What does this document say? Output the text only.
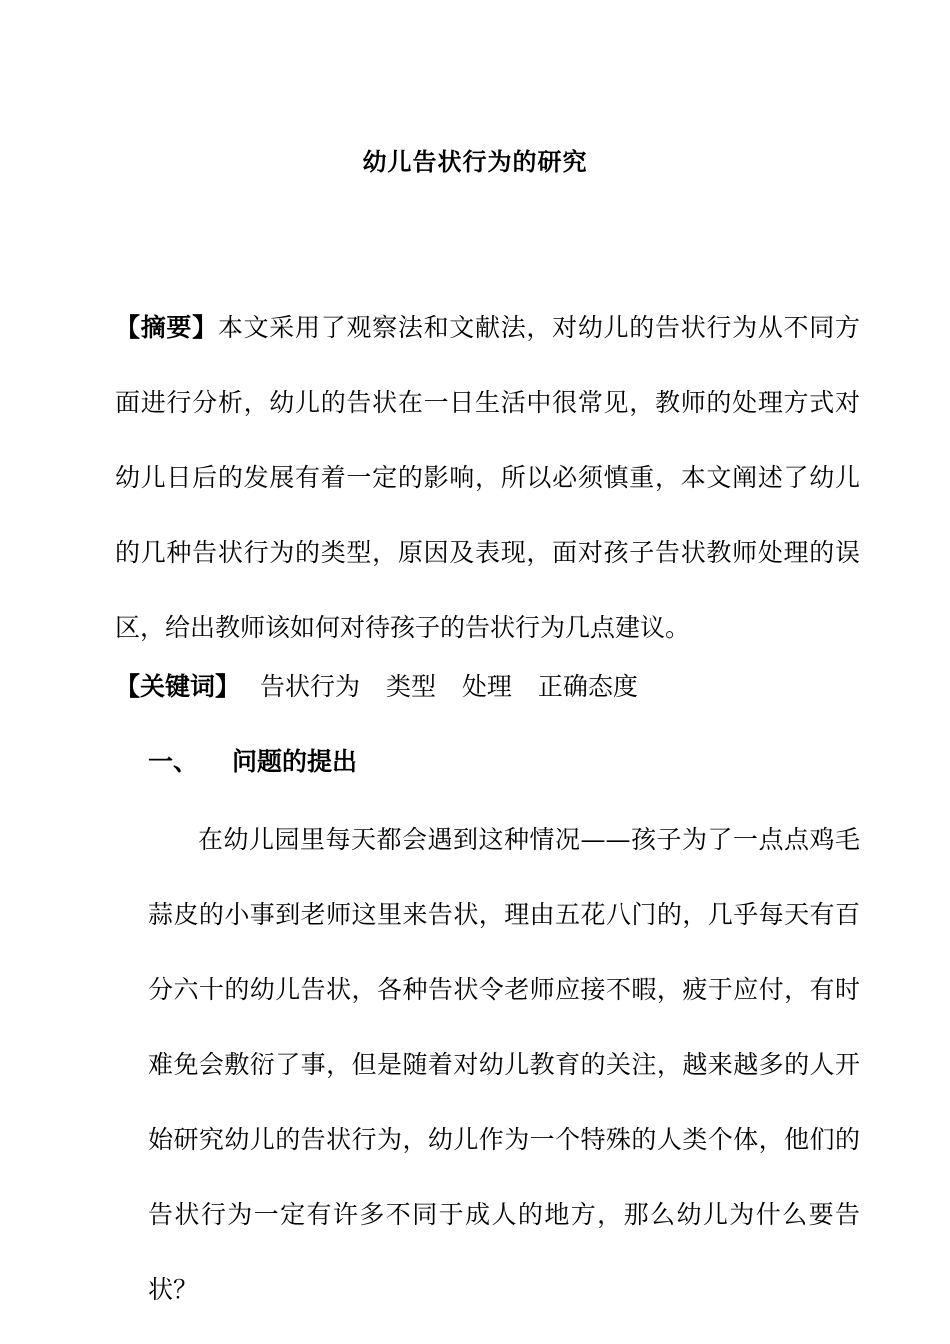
幼儿告状行为的研究

【摘要】本文采用了观察法和文献法，对幼儿的告状行为从不同方面进行分析，幼儿的告状在一日生活中很常见，教师的处理方式对幼儿日后的发展有着一定的影响，所以必须慎重，本文阐述了幼儿的几种告状行为的类型，原因及表现，面对孩子告状教师处理的误区，给出教师该如何对待孩子的告状行为几点建议。

【关键词】 告状行为 类型 处理 正确态度
一、 问题的提出

在幼儿园里每天都会遇到这种情况——孩子为了一点点鸡毛蒜皮的小事到老师这里来告状，理由五花八门的，几乎每天有百分六十的幼儿告状，各种告状令老师应接不暇，疲于应付，有时难免会敷衍了事，但是随着对幼儿教育的关注，越来越多的人开始研究幼儿的告状行为，幼儿作为一个特殊的人类个体，他们的告状行为一定有许多不同于成人的地方，那么幼儿为什么要告状？
